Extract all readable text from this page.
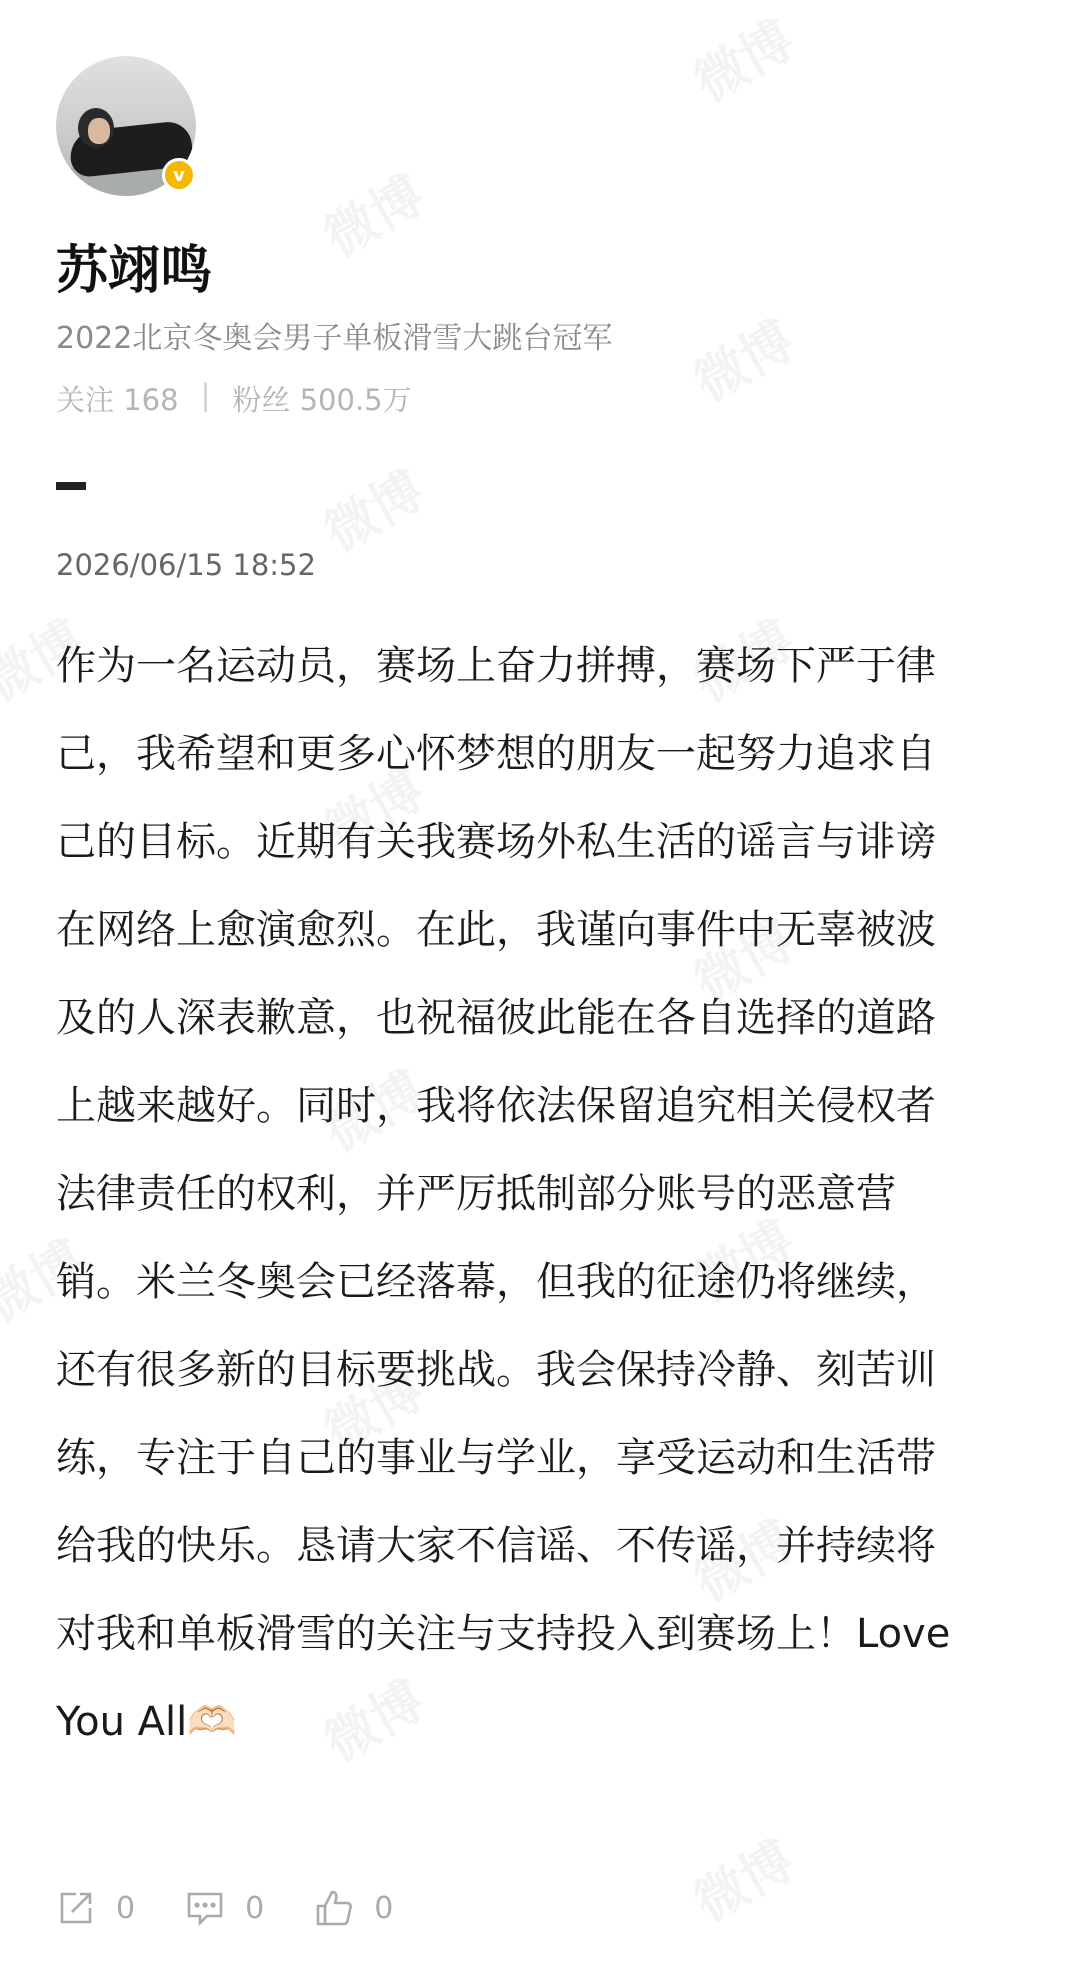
v
苏翊鸣
2022北京冬奥会男子单板滑雪大跳台冠军
关注 168 | 粉丝 500.5万
2026/06/15 18:52
作为一名运动员，赛场上奋力拼搏，赛场下严于律
己，我希望和更多心怀梦想的朋友一起努力追求自
己的目标。近期有关我赛场外私生活的谣言与诽谤
在网络上愈演愈烈。在此，我谨向事件中无辜被波
及的人深表歉意，也祝福彼此能在各自选择的道路
上越来越好。同时，我将依法保留追究相关侵权者
法律责任的权利，并严厉抵制部分账号的恶意营
销。米兰冬奥会已经落幕，但我的征途仍将继续，
还有很多新的目标要挑战。我会保持冷静、刻苦训
练，专注于自己的事业与学业，享受运动和生活带
给我的快乐。恳请大家不信谣、不传谣，并持续将
对我和单板滑雪的关注与支持投入到赛场上！Love
You All🫶🏻
0	0	0
